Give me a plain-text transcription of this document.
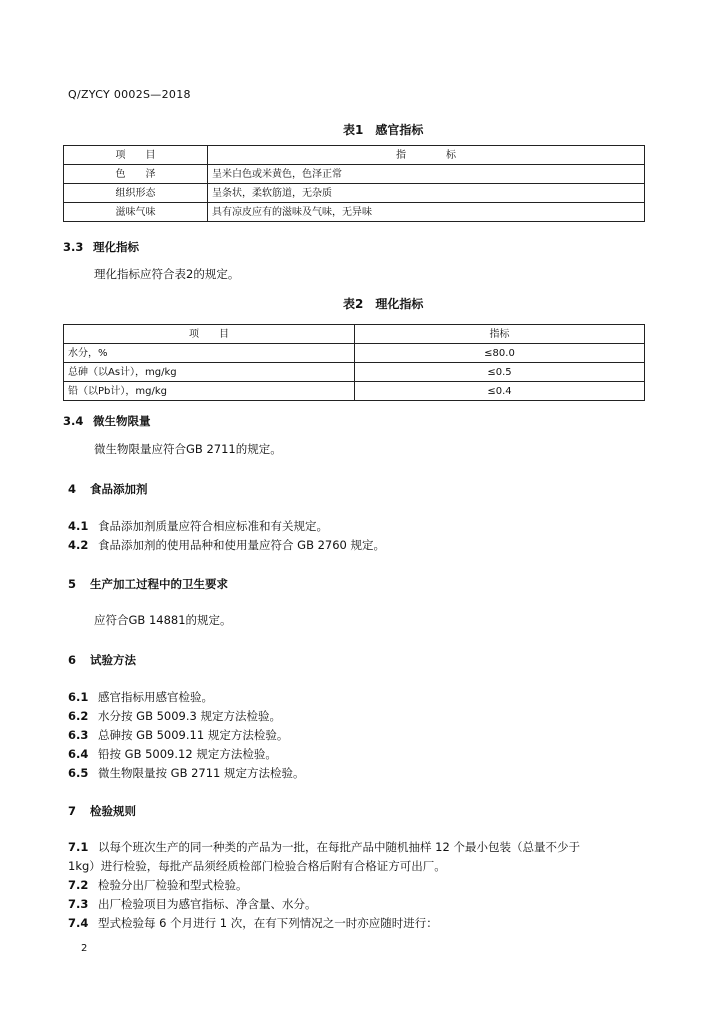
Q/ZYCY 0002S—2018
表1 感官指标
项　　目	指　　　　标
色　　泽	呈米白色或米黄色，色泽正常
组织形态	呈条状，柔软筋道，无杂质
滋味气味	具有凉皮应有的滋味及气味，无异味
3.3 理化指标
理化指标应符合表2的规定。
表2 理化指标
项　　目	指标
水分，%	≤80.0
总砷（以As计），mg/kg	≤0.5
铅（以Pb计），mg/kg	≤0.4
3.4 微生物限量
微生物限量应符合GB 2711的规定。
4 食品添加剂
4.1 食品添加剂质量应符合相应标准和有关规定。
4.2 食品添加剂的使用品种和使用量应符合 GB 2760 规定。
5 生产加工过程中的卫生要求
应符合GB 14881的规定。
6 试验方法
6.1 感官指标用感官检验。
6.2 水分按 GB 5009.3 规定方法检验。
6.3 总砷按 GB 5009.11 规定方法检验。
6.4 铅按 GB 5009.12 规定方法检验。
6.5 微生物限量按 GB 2711 规定方法检验。
7 检验规则
7.1 以每个班次生产的同一种类的产品为一批，在每批产品中随机抽样 12 个最小包装（总量不少于
1kg）进行检验，每批产品须经质检部门检验合格后附有合格证方可出厂。
7.2 检验分出厂检验和型式检验。
7.3 出厂检验项目为感官指标、净含量、水分。
7.4 型式检验每 6 个月进行 1 次，在有下列情况之一时亦应随时进行：
2
